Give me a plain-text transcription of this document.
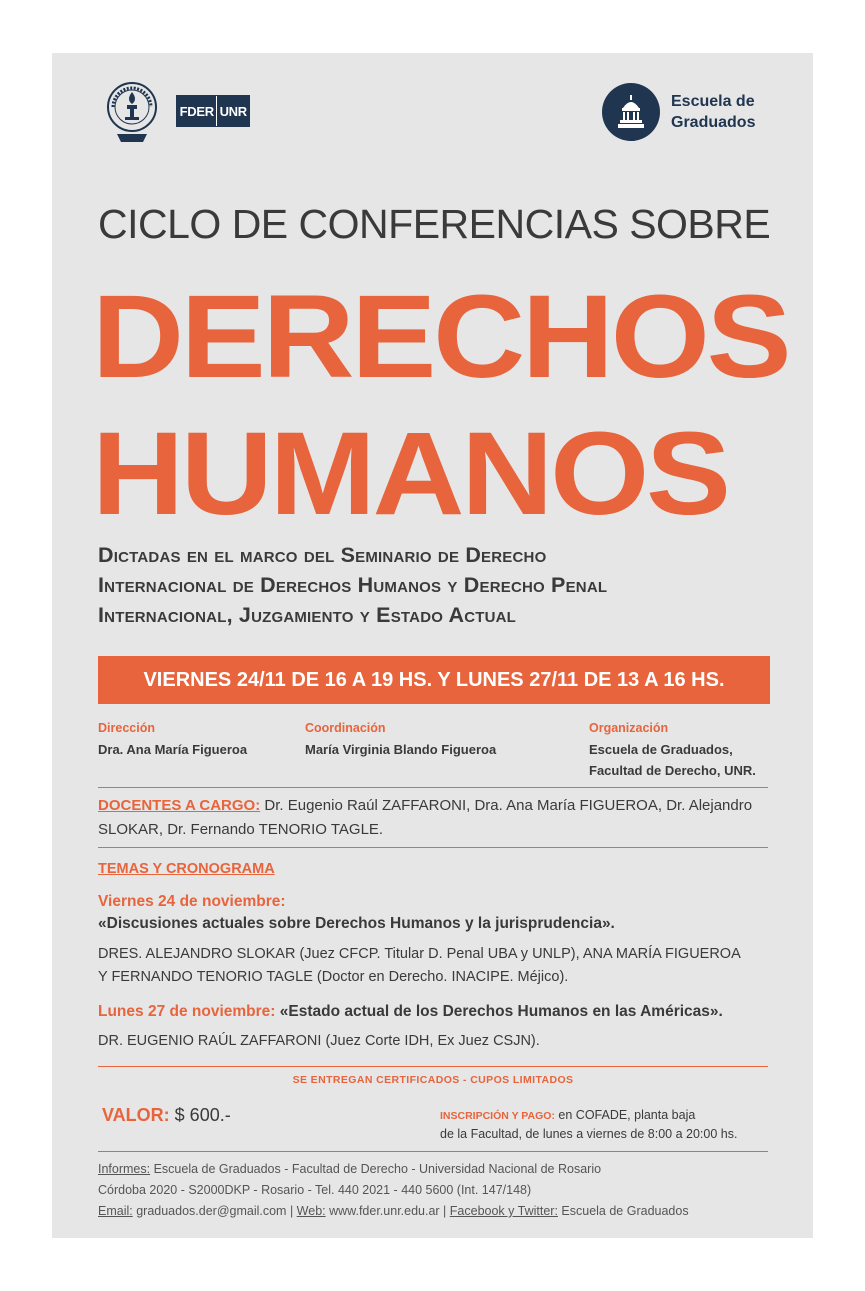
FDER UNR
Escuela de
Graduados
CICLO DE CONFERENCIAS SOBRE
DERECHOS
HUMANOS
Dictadas en el marco del Seminario de Derecho
Internacional de Derechos Humanos y Derecho Penal
Internacional, Juzgamiento y Estado Actual
VIERNES 24/11 DE 16 A 19 HS. Y LUNES 27/11 DE 13 A 16 HS.
Dirección
Dra. Ana María Figueroa
Coordinación
María Virginia Blando Figueroa
Organización
Escuela de Graduados,
Facultad de Derecho, UNR.
DOCENTES A CARGO: Dr. Eugenio Raúl ZAFFARONI, Dra. Ana María FIGUEROA, Dr. Alejandro SLOKAR, Dr. Fernando TENORIO TAGLE.
TEMAS Y CRONOGRAMA
Viernes 24 de noviembre:
«Discusiones actuales sobre Derechos Humanos y la jurisprudencia».
DRES. ALEJANDRO SLOKAR (Juez CFCP. Titular D. Penal UBA y UNLP), ANA MARÍA FIGUEROA
Y FERNANDO TENORIO TAGLE (Doctor en Derecho. INACIPE. Méjico).
Lunes 27 de noviembre: «Estado actual de los Derechos Humanos en las Américas».
DR. EUGENIO RAÚL ZAFFARONI (Juez Corte IDH, Ex Juez CSJN).
SE ENTREGAN CERTIFICADOS - CUPOS LIMITADOS
VALOR: $ 600.-	INSCRIPCIÓN Y PAGO: en COFADE, planta baja
de la Facultad, de lunes a viernes de 8:00 a 20:00 hs.
Informes: Escuela de Graduados - Facultad de Derecho - Universidad Nacional de Rosario
Córdoba 2020 - S2000DKP - Rosario - Tel. 440 2021 - 440 5600 (Int. 147/148)
Email: graduados.der@gmail.com | Web: www.fder.unr.edu.ar | Facebook y Twitter: Escuela de Graduados
